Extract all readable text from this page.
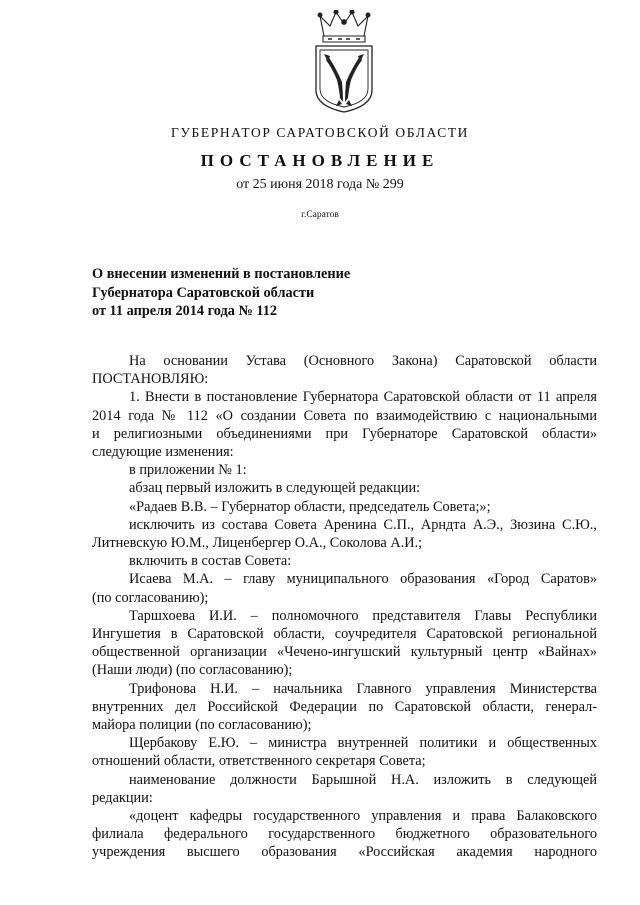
ГУБЕРНАТОР САРАТОВСКОЙ ОБЛАСТИ
ПОСТАНОВЛЕНИЕ
от 25 июня 2018 года № 299
г.Саратов
О внесении изменений в постановление
Губернатора Саратовской области
от 11 апреля 2014 года № 112

На основании Устава (Основного Закона) Саратовской области

ПОСТАНОВЛЯЮ:

1. Внести в постановление Губернатора Саратовской области от 11 апреля

2014 года № 112 «О создании Совета по взаимодействию с национальными

и религиозными объединениями при Губернаторе Саратовской области»

следующие изменения:

в приложении № 1:

абзац первый изложить в следующей редакции:

«Радаев В.В. – Губернатор области, председатель Совета;»;

исключить из состава Совета Аренина С.П., Арндта А.Э., Зюзина С.Ю.,

Литневскую Ю.М., Лиценбергер О.А., Соколова А.И.;

включить в состав Совета:

Исаева М.А. – главу муниципального образования «Город Саратов»

(по согласованию);

Таршхоева И.И. – полномочного представителя Главы Республики

Ингушетия в Саратовской области, соучредителя Саратовской региональной

общественной организации «Чечено-ингушский культурный центр «Вайнах»

(Наши люди) (по согласованию);

Трифонова Н.И. – начальника Главного управления Министерства

внутренних дел Российской Федерации по Саратовской области, генерал-

майора полиции (по согласованию);

Щербакову Е.Ю. – министра внутренней политики и общественных

отношений области, ответственного секретаря Совета;

наименование должности Барышной Н.А. изложить в следующей

редакции:

«доцент кафедры государственного управления и права Балаковского

филиала федерального государственного бюджетного образовательного

учреждения высшего образования «Российская академия народного
